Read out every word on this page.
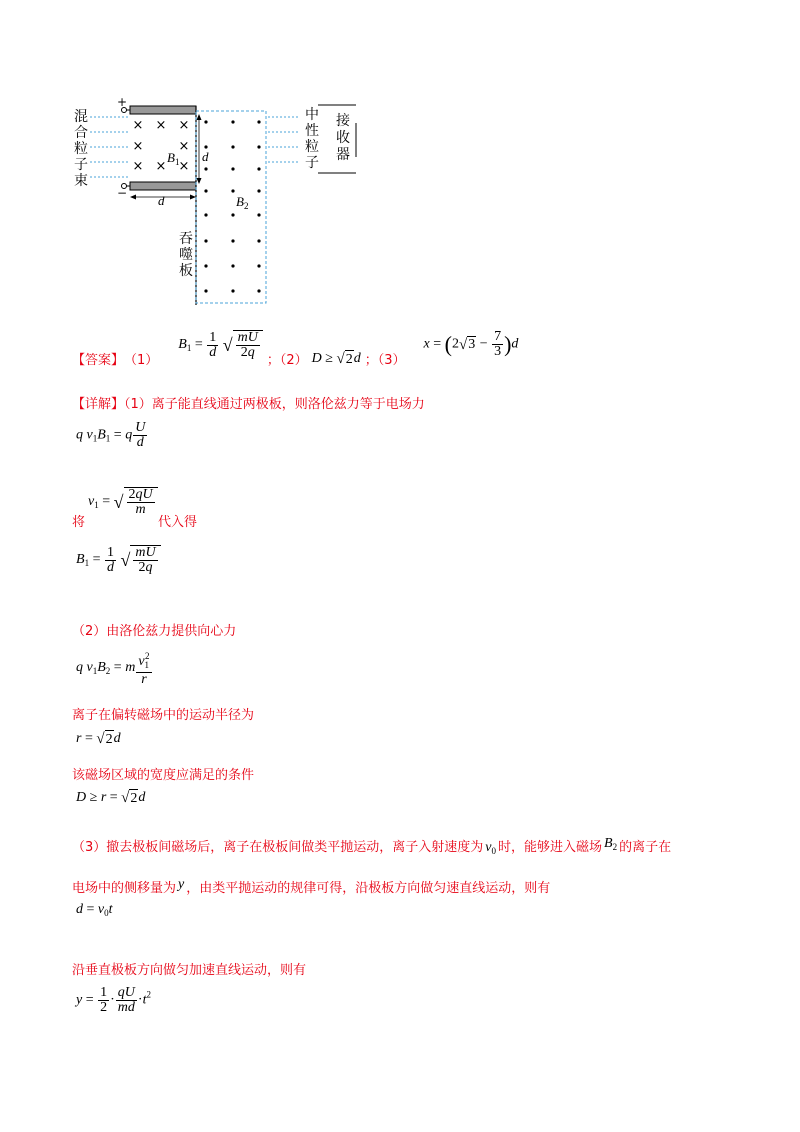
× × ×
×	×
× × ×
+
−
混
合
粒
子
束
中
性
粒
子
接
收
器
吞
噬
板
$B_1$
$B_2$
d
d
【答案】 （1）
$B_1 = \frac{1}{d}$
√ $\frac{mU}{2q}$
；（2） D ≥ √ 2 d ；（3）
x = (2 √ $3 - \frac{7}{3} )d$
【详解】（1）离子能直线通过两极板，则洛伦兹力等于电场力
q $v_1B_1 = q \frac{U}{d}$
$v_1$ = √ $\frac{2qU}{m}$
将	代入得
$B_1 = \frac{1}{d}$
√ $\frac{mU}{2q}$
（2）由洛伦兹力提供向心力
q $v_1B_2 = m \frac{v_1^2}{r}$
离子在偏转磁场中的运动半径为
r = √ 2 d
该磁场区域的宽度应满足的条件
D ≥ r = √ 2 d
（3）撤去极板间磁场后，离子在极板间做类平抛运动，离子入射速度为 $v_0$ 时，能够进入磁场 $B_2$ 的离子在
电场中的侧移量为 y ，由类平抛运动的规律可得，沿极板方向做匀速直线运动，则有
$d = v_0t$
沿垂直极板方向做匀加速直线运动，则有
$y = \frac{1}{2} \cdot \frac{qU}{md} \cdot t^2$
